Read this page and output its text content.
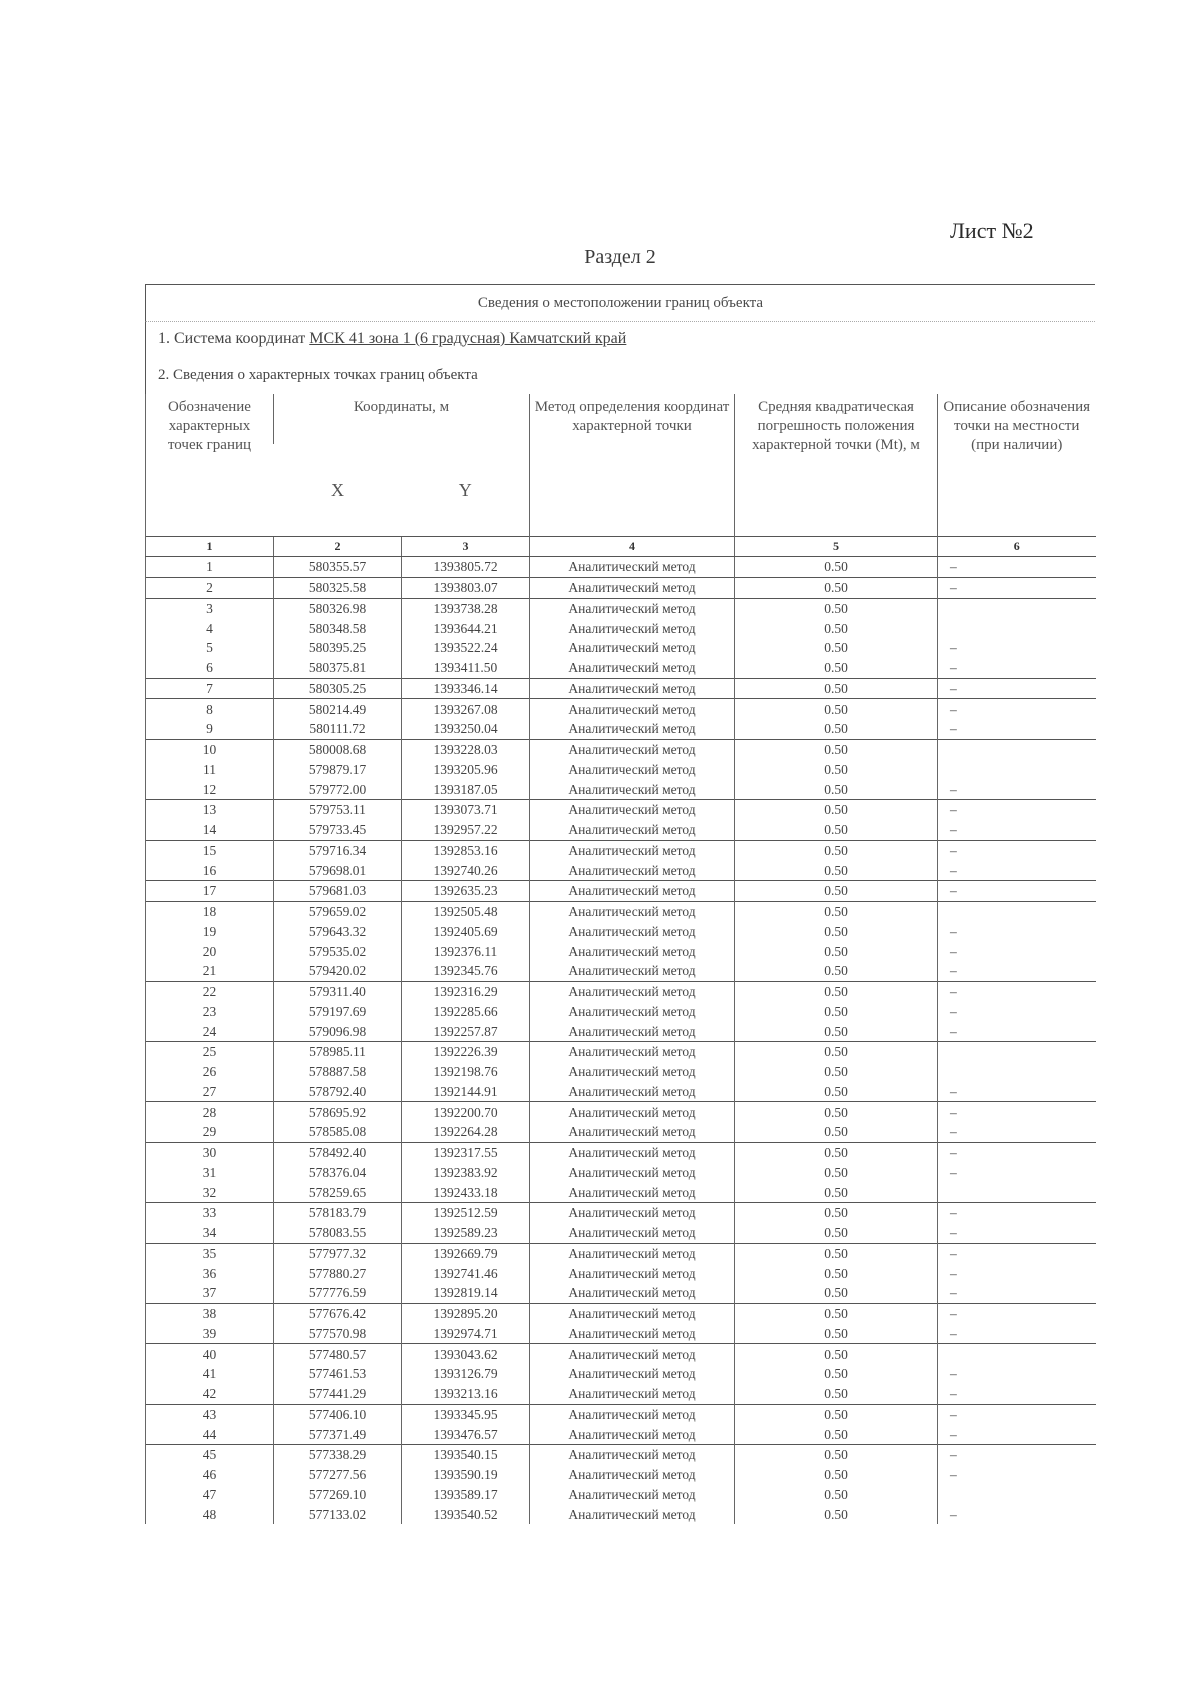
Лист №2
Раздел 2
Сведения о местоположении границ объекта
1. Система координат МСК 41 зона 1 (6 градусная) Камчатский край
2. Сведения о характерных точках границ объекта
Обозначение характерных точек границ	Координаты, м		Метод определения координат характерной точки	Средняя квадратическая погрешность положения характерной точки (Mt), м	Описание обозначения точки на местности (при наличии)
	X	Y			
1	2	3	4	5	6
1	580355.57	1393805.72	Аналитический метод	0.50	–
2	580325.58	1393803.07	Аналитический метод	0.50	–
3	580326.98	1393738.28	Аналитический метод	0.50	
4	580348.58	1393644.21	Аналитический метод	0.50	
5	580395.25	1393522.24	Аналитический метод	0.50	–
6	580375.81	1393411.50	Аналитический метод	0.50	–
7	580305.25	1393346.14	Аналитический метод	0.50	–
8	580214.49	1393267.08	Аналитический метод	0.50	–
9	580111.72	1393250.04	Аналитический метод	0.50	–
10	580008.68	1393228.03	Аналитический метод	0.50	
11	579879.17	1393205.96	Аналитический метод	0.50	
12	579772.00	1393187.05	Аналитический метод	0.50	–
13	579753.11	1393073.71	Аналитический метод	0.50	–
14	579733.45	1392957.22	Аналитический метод	0.50	–
15	579716.34	1392853.16	Аналитический метод	0.50	–
16	579698.01	1392740.26	Аналитический метод	0.50	–
17	579681.03	1392635.23	Аналитический метод	0.50	–
18	579659.02	1392505.48	Аналитический метод	0.50	
19	579643.32	1392405.69	Аналитический метод	0.50	–
20	579535.02	1392376.11	Аналитический метод	0.50	–
21	579420.02	1392345.76	Аналитический метод	0.50	–
22	579311.40	1392316.29	Аналитический метод	0.50	–
23	579197.69	1392285.66	Аналитический метод	0.50	–
24	579096.98	1392257.87	Аналитический метод	0.50	–
25	578985.11	1392226.39	Аналитический метод	0.50	
26	578887.58	1392198.76	Аналитический метод	0.50	
27	578792.40	1392144.91	Аналитический метод	0.50	–
28	578695.92	1392200.70	Аналитический метод	0.50	–
29	578585.08	1392264.28	Аналитический метод	0.50	–
30	578492.40	1392317.55	Аналитический метод	0.50	–
31	578376.04	1392383.92	Аналитический метод	0.50	–
32	578259.65	1392433.18	Аналитический метод	0.50	
33	578183.79	1392512.59	Аналитический метод	0.50	–
34	578083.55	1392589.23	Аналитический метод	0.50	–
35	577977.32	1392669.79	Аналитический метод	0.50	–
36	577880.27	1392741.46	Аналитический метод	0.50	–
37	577776.59	1392819.14	Аналитический метод	0.50	–
38	577676.42	1392895.20	Аналитический метод	0.50	–
39	577570.98	1392974.71	Аналитический метод	0.50	–
40	577480.57	1393043.62	Аналитический метод	0.50	
41	577461.53	1393126.79	Аналитический метод	0.50	–
42	577441.29	1393213.16	Аналитический метод	0.50	–
43	577406.10	1393345.95	Аналитический метод	0.50	–
44	577371.49	1393476.57	Аналитический метод	0.50	–
45	577338.29	1393540.15	Аналитический метод	0.50	–
46	577277.56	1393590.19	Аналитический метод	0.50	–
47	577269.10	1393589.17	Аналитический метод	0.50	
48	577133.02	1393540.52	Аналитический метод	0.50	–
